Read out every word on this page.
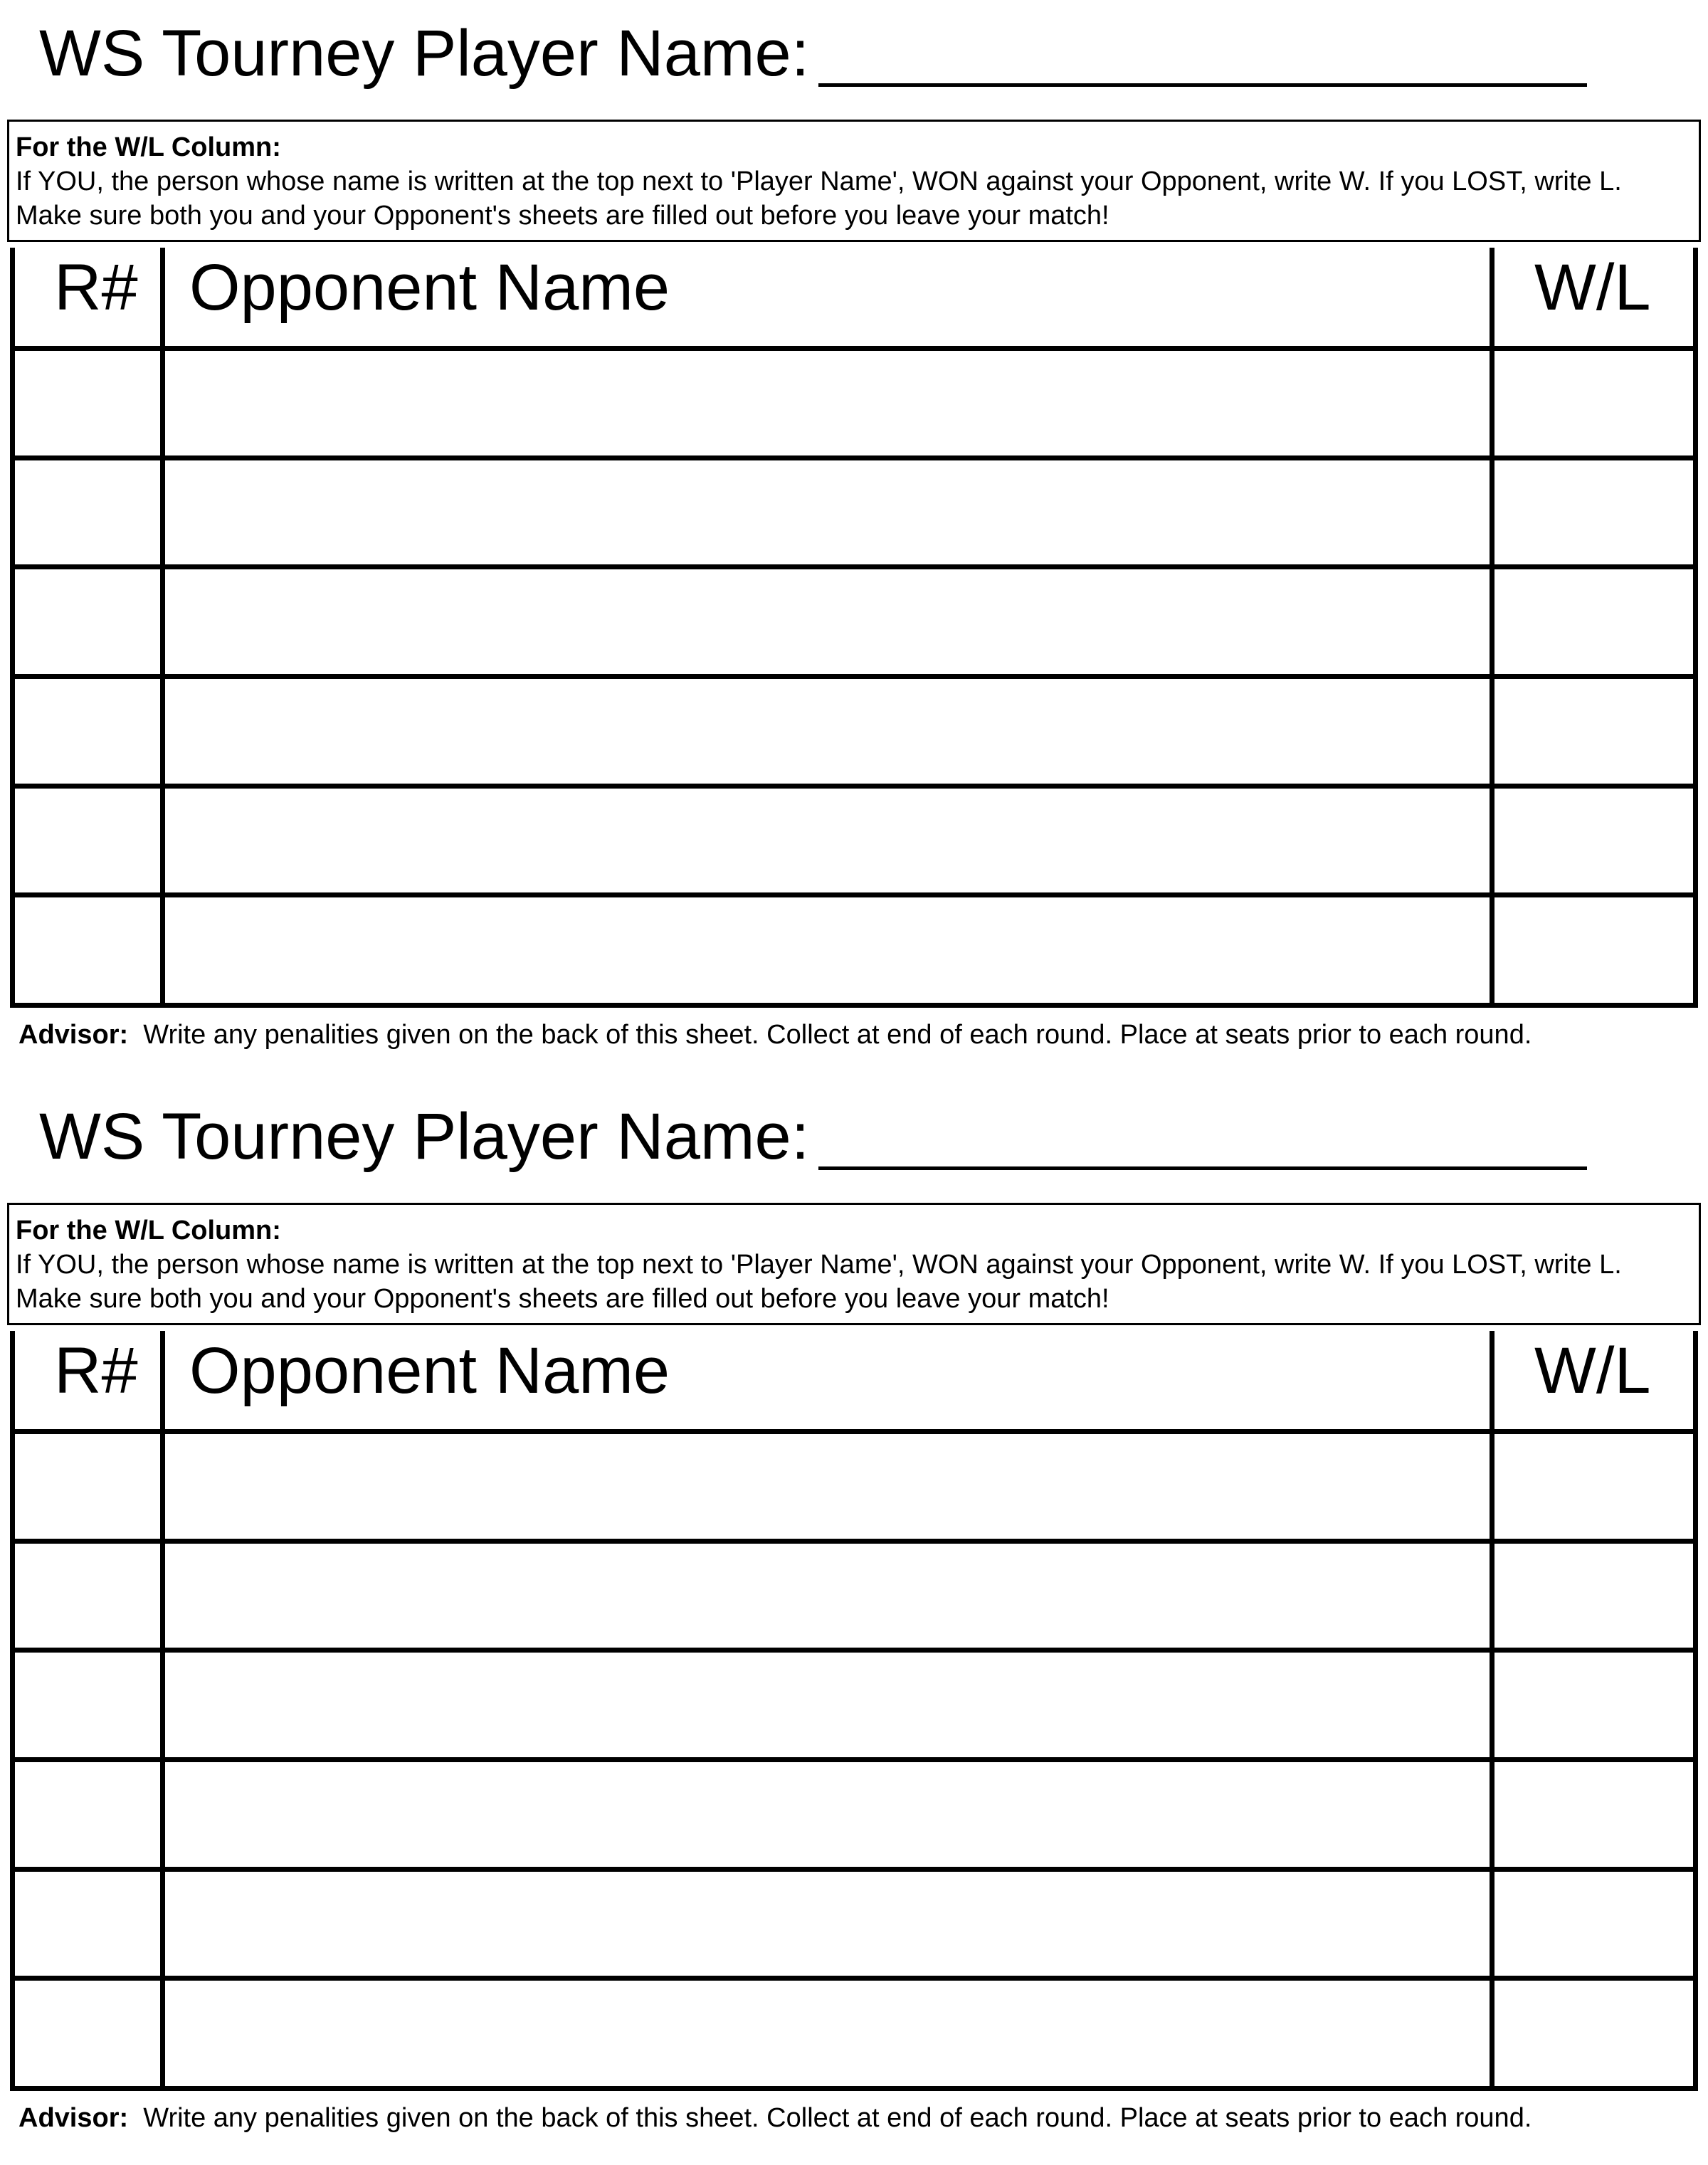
WS Tourney Player Name:
For the W/L Column:
If YOU, the person whose name is written at the top next to 'Player Name', WON against your Opponent, write W. If you LOST, write L.
Make sure both you and your Opponent's sheets are filled out before you leave your match!
R# Opponent Name	W/L
Advisor: Write any penalities given on the back of this sheet. Collect at end of each round. Place at seats prior to each round.
WS Tourney Player Name:
For the W/L Column:
If YOU, the person whose name is written at the top next to 'Player Name', WON against your Opponent, write W. If you LOST, write L.
Make sure both you and your Opponent's sheets are filled out before you leave your match!
R# Opponent Name	W/L
Advisor: Write any penalities given on the back of this sheet. Collect at end of each round. Place at seats prior to each round.
